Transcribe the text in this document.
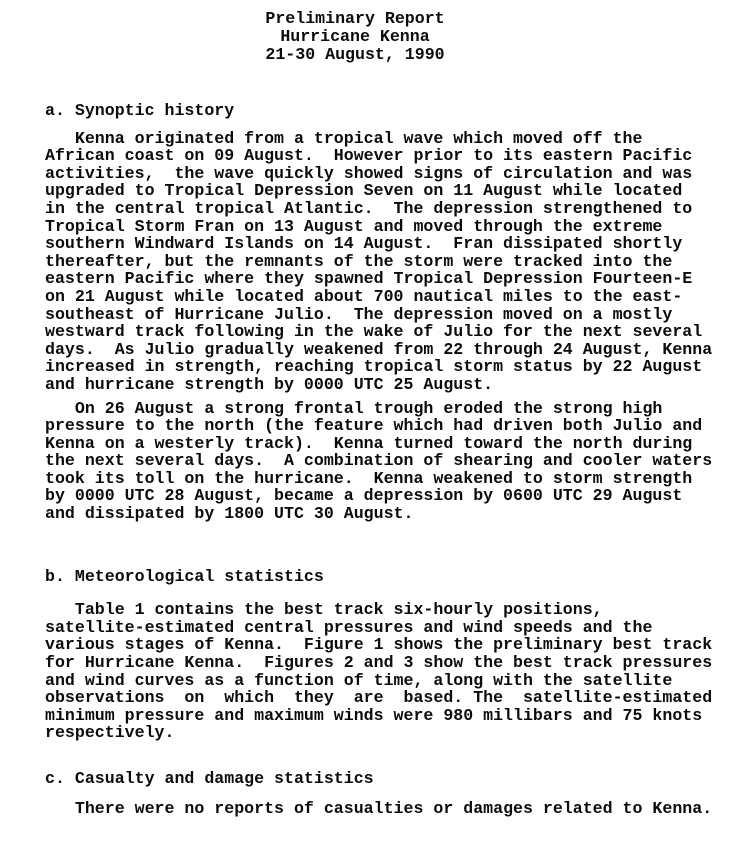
Preliminary Report
Hurricane Kenna
21-30 August, 1990
a. Synoptic history
Kenna originated from a tropical wave which moved off the
African coast on 09 August.  However prior to its eastern Pacific
activities,  the wave quickly showed signs of circulation and was
upgraded to Tropical Depression Seven on 11 August while located
in the central tropical Atlantic.  The depression strengthened to
Tropical Storm Fran on 13 August and moved through the extreme
southern Windward Islands on 14 August.  Fran dissipated shortly
thereafter, but the remnants of the storm were tracked into the
eastern Pacific where they spawned Tropical Depression Fourteen-E
on 21 August while located about 700 nautical miles to the east-
southeast of Hurricane Julio.  The depression moved on a mostly
westward track following in the wake of Julio for the next several
days.  As Julio gradually weakened from 22 through 24 August, Kenna
increased in strength, reaching tropical storm status by 22 August
and hurricane strength by 0000 UTC 25 August.
On 26 August a strong frontal trough eroded the strong high
pressure to the north (the feature which had driven both Julio and
Kenna on a westerly track).  Kenna turned toward the north during
the next several days.  A combination of shearing and cooler waters
took its toll on the hurricane.  Kenna weakened to storm strength
by 0000 UTC 28 August, became a depression by 0600 UTC 29 August
and dissipated by 1800 UTC 30 August.
b. Meteorological statistics
Table 1 contains the best track six-hourly positions,
satellite-estimated central pressures and wind speeds and the
various stages of Kenna.  Figure 1 shows the preliminary best track
for Hurricane Kenna.  Figures 2 and 3 show the best track pressures
and wind curves as a function of time, along with the satellite
observations  on  which  they  are  based. The  satellite-estimated
minimum pressure and maximum winds were 980 millibars and 75 knots
respectively.
c. Casualty and damage statistics
There were no reports of casualties or damages related to Kenna.
